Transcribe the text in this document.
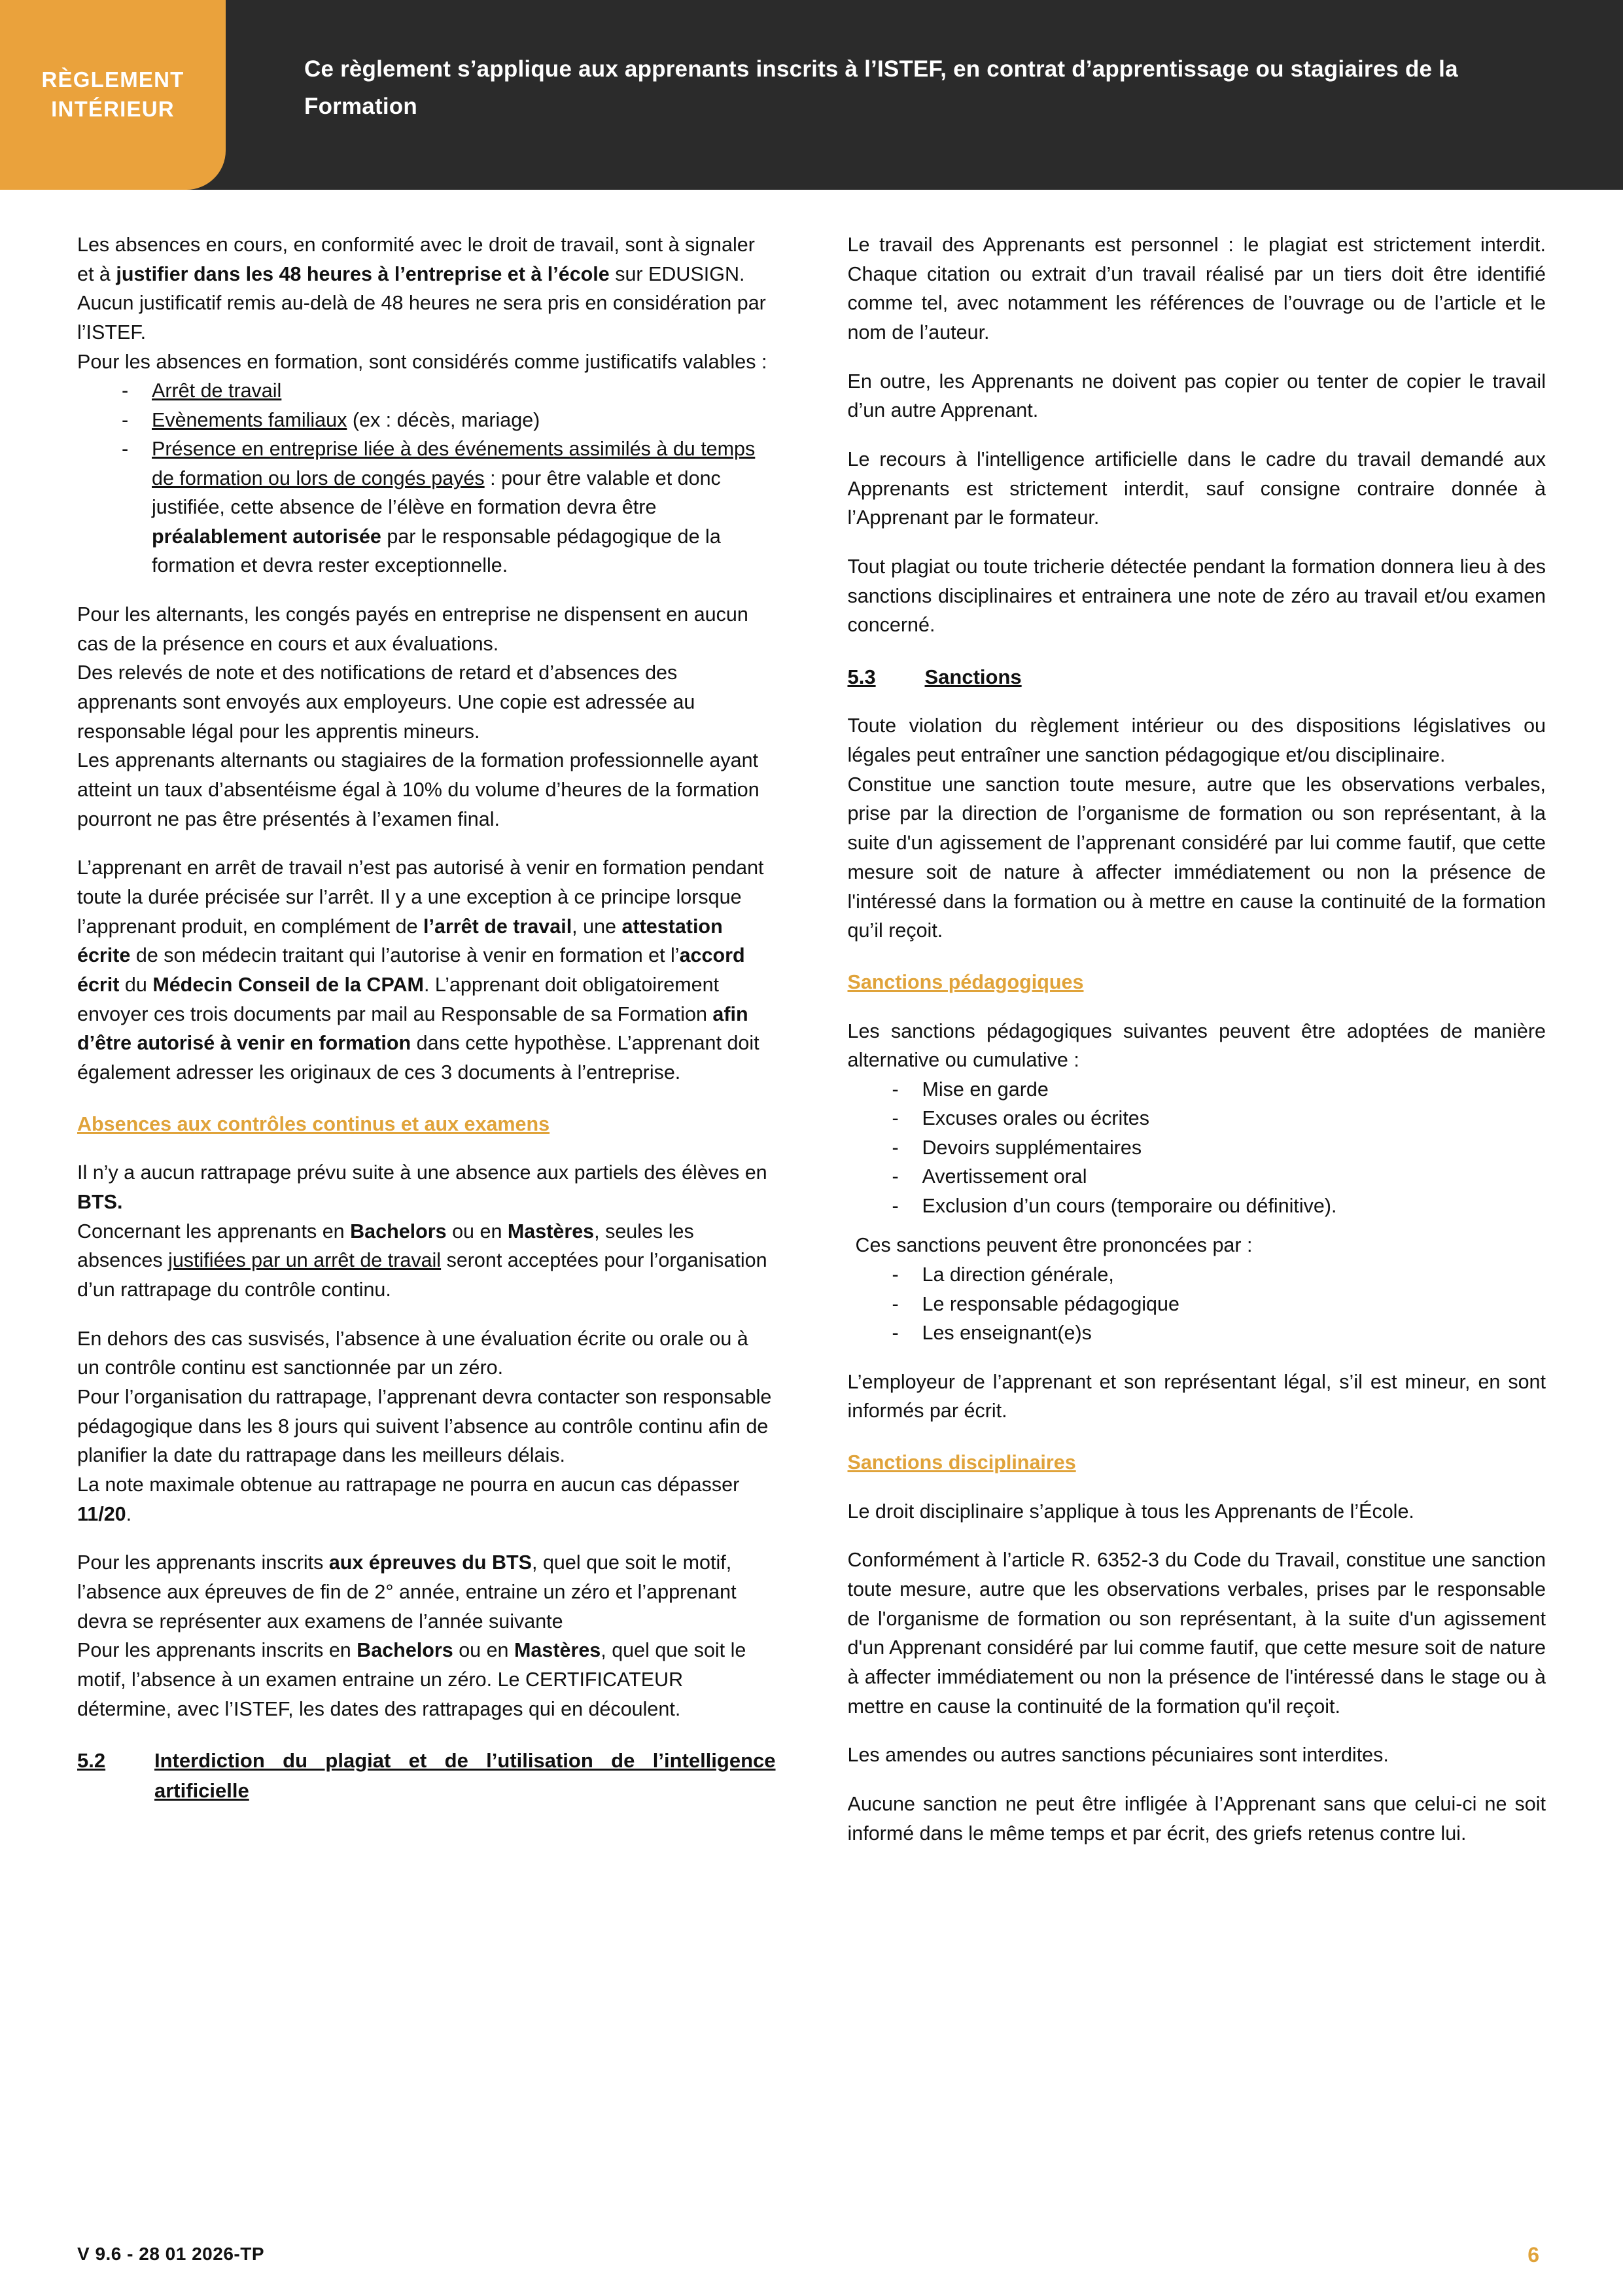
RÈGLEMENT
INTÉRIEUR
Ce règlement s’applique aux apprenants inscrits à l’ISTEF, en contrat d’apprentissage ou stagiaires de la Formation

Les absences en cours, en conformité avec le droit de travail, sont à signaler et à justifier dans les 48 heures à l’entreprise et à l’école sur EDUSIGN.

Aucun justificatif remis au-delà de 48 heures ne sera pris en considération par l’ISTEF.

Pour les absences en formation, sont considérés comme justificatifs valables :

- Arrêt de travail
- Evènements familiaux (ex : décès, mariage)
- Présence en entreprise liée à des événements assimilés à du temps de formation ou lors de congés payés : pour être valable et donc justifiée, cette absence de l’élève en formation devra être préalablement autorisée par le responsable pédagogique de la formation et devra rester exceptionnelle.

Pour les alternants, les congés payés en entreprise ne dispensent en aucun cas de la présence en cours et aux évaluations.

Des relevés de note et des notifications de retard et d’absences des apprenants sont envoyés aux employeurs. Une copie est adressée au responsable légal pour les apprentis mineurs.

Les apprenants alternants ou stagiaires de la formation professionnelle ayant atteint un taux d’absentéisme égal à 10% du volume d’heures de la formation pourront ne pas être présentés à l’examen final.

L’apprenant en arrêt de travail n’est pas autorisé à venir en formation pendant toute la durée précisée sur l’arrêt. Il y a une exception à ce principe lorsque l’apprenant produit, en complément de l’arrêt de travail, une attestation écrite de son médecin traitant qui l’autorise à venir en formation et l’accord écrit du Médecin Conseil de la CPAM. L’apprenant doit obligatoirement envoyer ces trois documents par mail au Responsable de sa Formation afin d’être autorisé à venir en formation dans cette hypothèse. L’apprenant doit également adresser les originaux de ces 3 documents à l’entreprise.

Absences aux contrôles continus et aux examens

Il n’y a aucun rattrapage prévu suite à une absence aux partiels des élèves en BTS.

Concernant les apprenants en Bachelors ou en Mastères, seules les absences justifiées par un arrêt de travail seront acceptées pour l’organisation d’un rattrapage du contrôle continu.

En dehors des cas susvisés, l’absence à une évaluation écrite ou orale ou à un contrôle continu est sanctionnée par un zéro.

Pour l’organisation du rattrapage, l’apprenant devra contacter son responsable pédagogique dans les 8 jours qui suivent l’absence au contrôle continu afin de planifier la date du rattrapage dans les meilleurs délais.

La note maximale obtenue au rattrapage ne pourra en aucun cas dépasser 11/20.

Pour les apprenants inscrits aux épreuves du BTS, quel que soit le motif, l’absence aux épreuves de fin de 2° année, entraine un zéro et l’apprenant devra se représenter aux examens de l’année suivante

Pour les apprenants inscrits en Bachelors ou en Mastères, quel que soit le motif, l’absence à un examen entraine un zéro. Le CERTIFICATEUR détermine, avec l’ISTEF, les dates des rattrapages qui en découlent.

5.2	Interdiction du plagiat et de l’utilisation de l’intelligence artificielle

Le travail des Apprenants est personnel : le plagiat est strictement interdit. Chaque citation ou extrait d’un travail réalisé par un tiers doit être identifié comme tel, avec notamment les références de l’ouvrage ou de l’article et le nom de l’auteur.

En outre, les Apprenants ne doivent pas copier ou tenter de copier le travail d’un autre Apprenant.

Le recours à l'intelligence artificielle dans le cadre du travail demandé aux Apprenants est strictement interdit, sauf consigne contraire donnée à l’Apprenant par le formateur.

Tout plagiat ou toute tricherie détectée pendant la formation donnera lieu à des sanctions disciplinaires et entrainera une note de zéro au travail et/ou examen concerné.

5.3	Sanctions

Toute violation du règlement intérieur ou des dispositions législatives ou légales peut entraîner une sanction pédagogique et/ou disciplinaire.

Constitue une sanction toute mesure, autre que les observations verbales, prise par la direction de l’organisme de formation ou son représentant, à la suite d'un agissement de l’apprenant considéré par lui comme fautif, que cette mesure soit de nature à affecter immédiatement ou non la présence de l'intéressé dans la formation ou à mettre en cause la continuité de la formation qu’il reçoit.

Sanctions pédagogiques

Les sanctions pédagogiques suivantes peuvent être adoptées de manière alternative ou cumulative :

- Mise en garde
- Excuses orales ou écrites
- Devoirs supplémentaires
- Avertissement oral
- Exclusion d’un cours (temporaire ou définitive).

Ces sanctions peuvent être prononcées par :

- La direction générale,
- Le responsable pédagogique
- Les enseignant(e)s

L’employeur de l’apprenant et son représentant légal, s’il est mineur, en sont informés par écrit.

Sanctions disciplinaires

Le droit disciplinaire s’applique à tous les Apprenants de l’École.

Conformément à l’article R. 6352-3 du Code du Travail, constitue une sanction toute mesure, autre que les observations verbales, prises par le responsable de l'organisme de formation ou son représentant, à la suite d'un agissement d'un Apprenant considéré par lui comme fautif, que cette mesure soit de nature à affecter immédiatement ou non la présence de l'intéressé dans le stage ou à mettre en cause la continuité de la formation qu'il reçoit.

Les amendes ou autres sanctions pécuniaires sont interdites.

Aucune sanction ne peut être infligée à l’Apprenant sans que celui-ci ne soit informé dans le même temps et par écrit, des griefs retenus contre lui.

V 9.6 - 28 01 2026-TP	6
